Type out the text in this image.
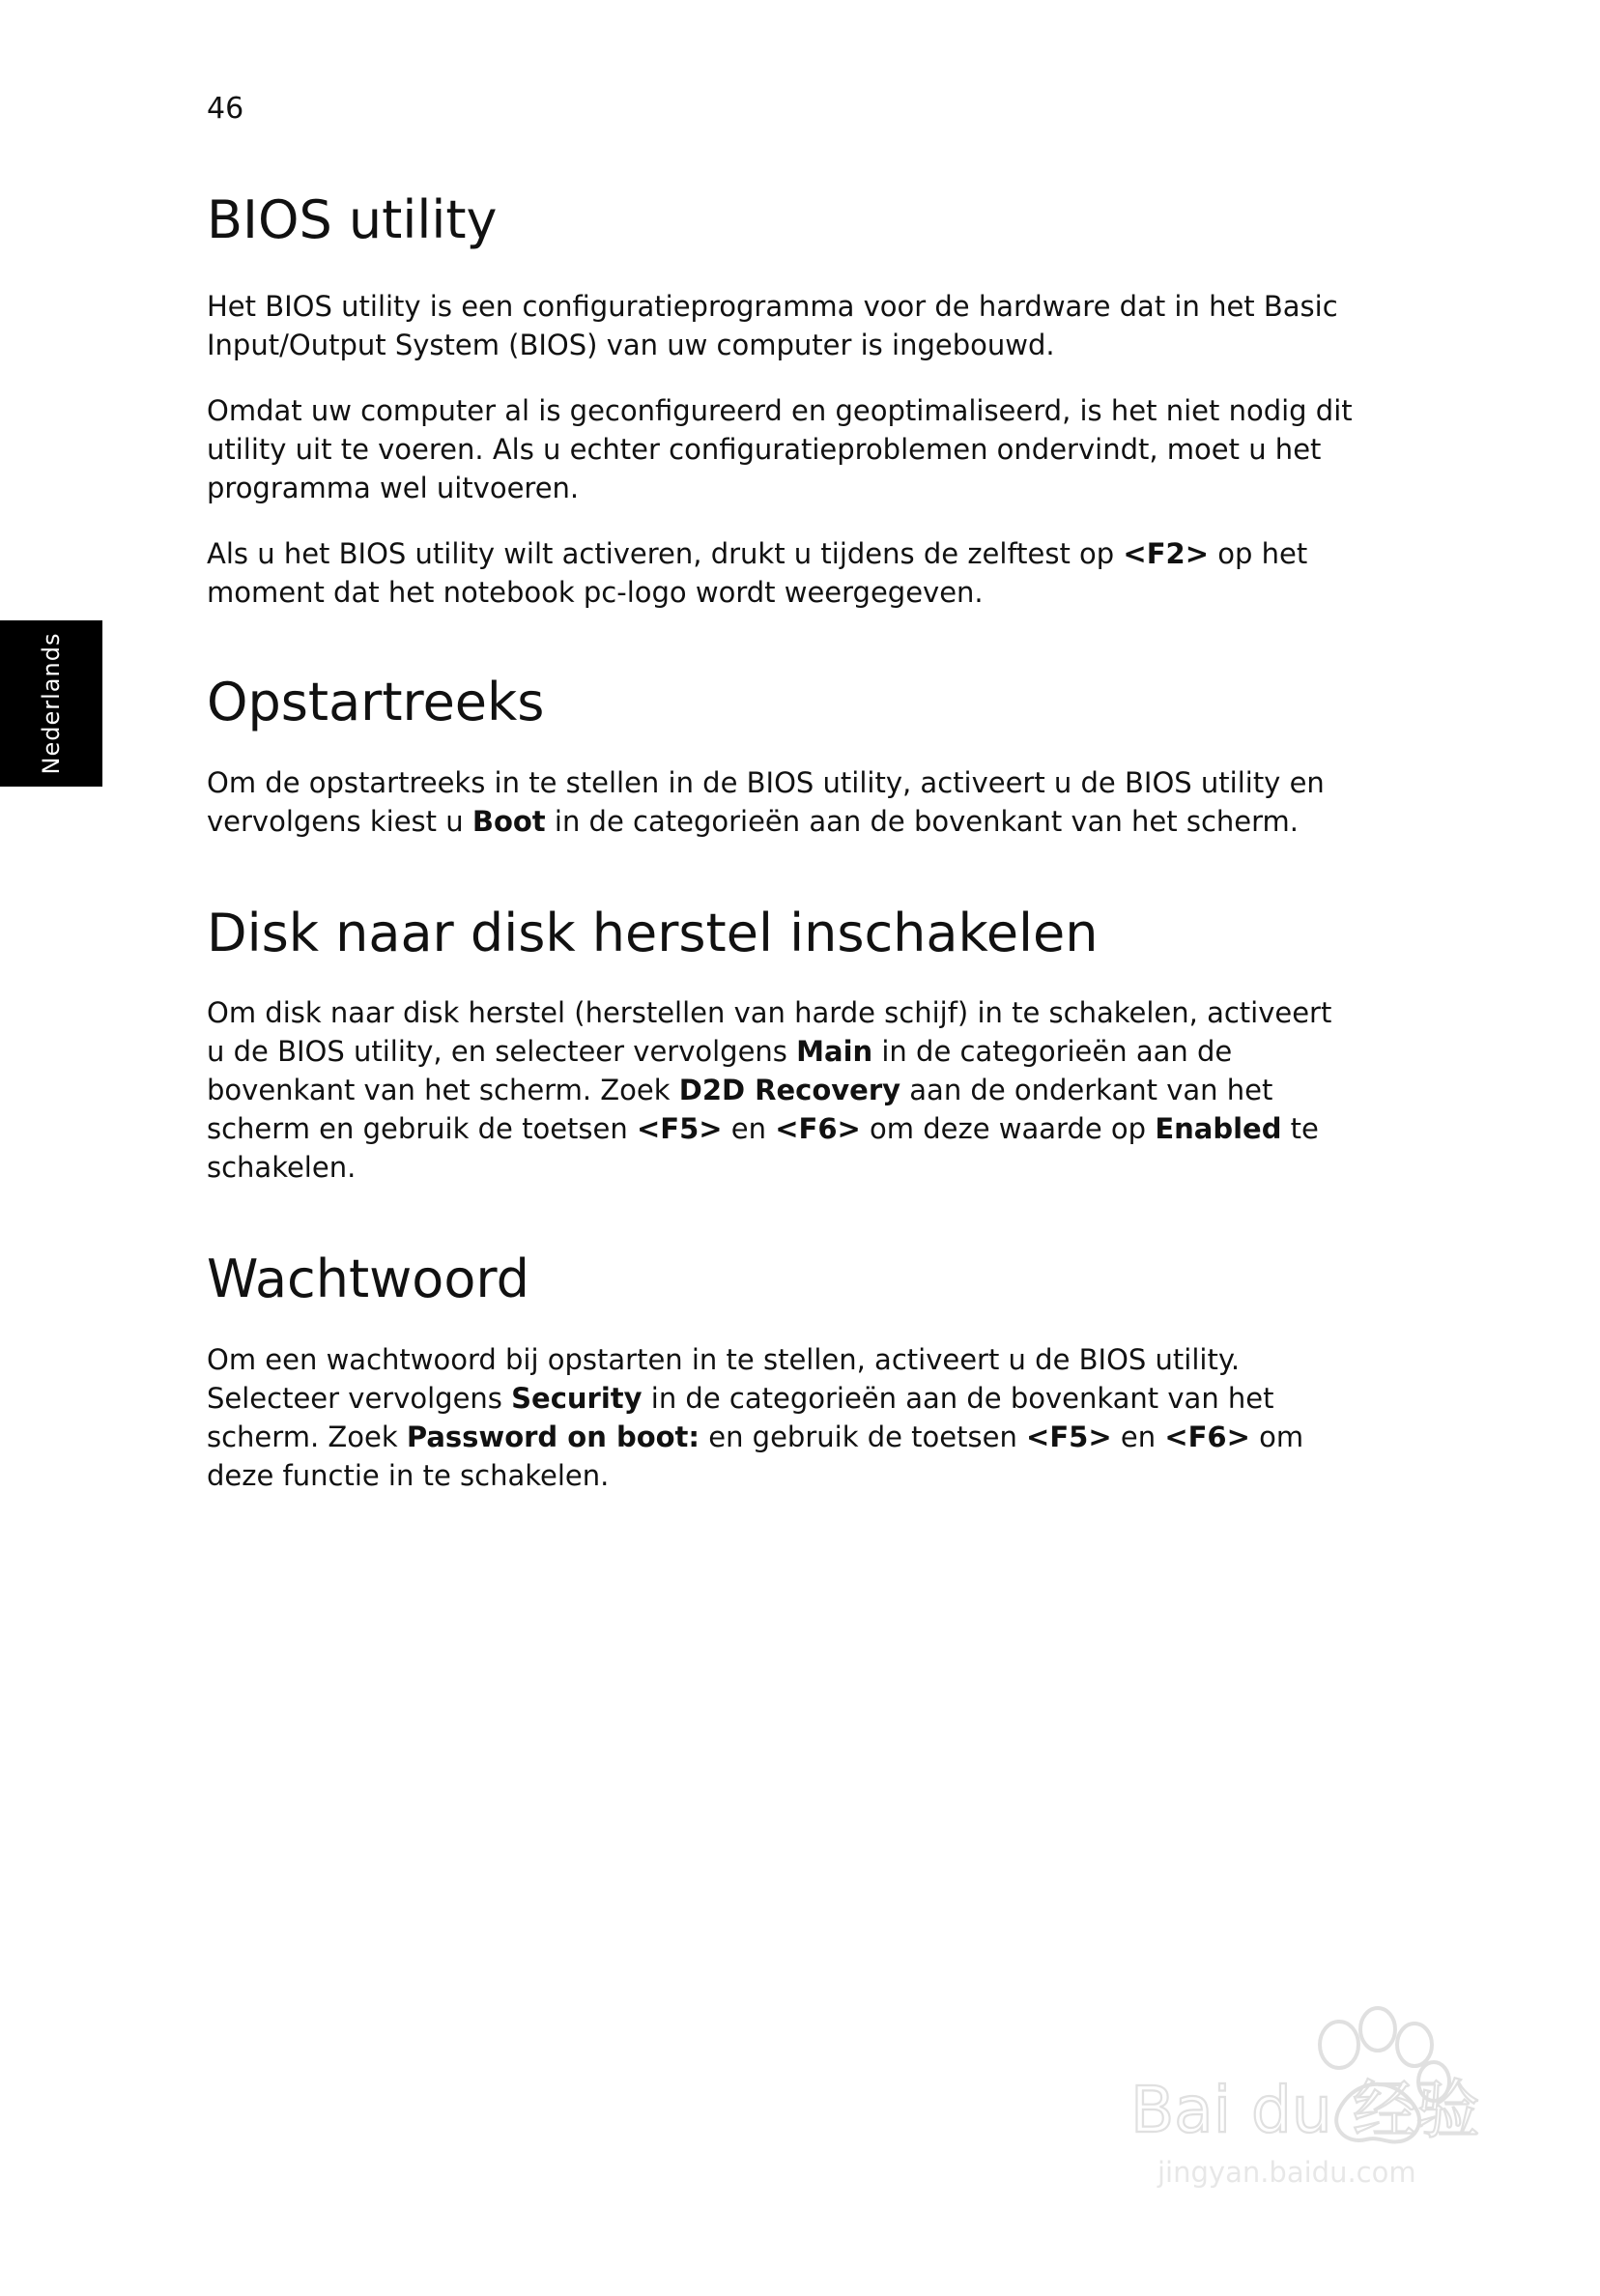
46
Nederlands
BIOS utility

Het BIOS utility is een configuratieprogramma voor de hardware dat in het Basic Input/Output System (BIOS) van uw computer is ingebouwd.

Omdat uw computer al is geconfigureerd en geoptimaliseerd, is het niet nodig dit utility uit te voeren. Als u echter configuratieproblemen ondervindt, moet u het programma wel uitvoeren.

Als u het BIOS utility wilt activeren, drukt u tijdens de zelftest op <F2> op het moment dat het notebook pc-logo wordt weergegeven.

Opstartreeks

Om de opstartreeks in te stellen in de BIOS utility, activeert u de BIOS utility en vervolgens kiest u Boot in de categorieën aan de bovenkant van het scherm.

Disk naar disk herstel inschakelen

Om disk naar disk herstel (herstellen van harde schijf) in te schakelen, activeert u de BIOS utility, en selecteer vervolgens Main in de categorieën aan de bovenkant van het scherm. Zoek D2D Recovery aan de onderkant van het scherm en gebruik de toetsen <F5> en <F6> om deze waarde op Enabled te schakelen.

Wachtwoord

Om een wachtwoord bij opstarten in te stellen, activeert u de BIOS utility. Selecteer vervolgens Security in de categorieën aan de bovenkant van het scherm. Zoek Password on boot: en gebruik de toetsen <F5> en <F6> om deze functie in te schakelen.

Bai du 经验
jingyan.baidu.com
